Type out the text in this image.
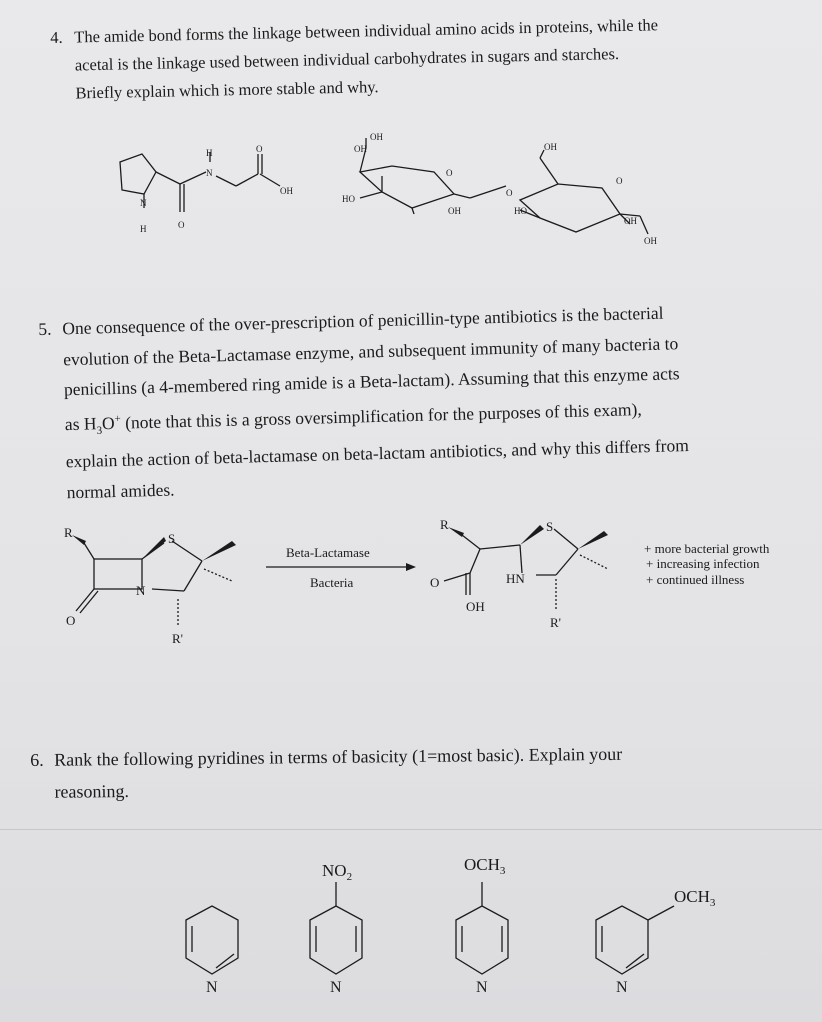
4. The amide bond forms the linkage between individual amino acids in proteins, while the
acetal is the linkage used between individual carbohydrates in sugars and starches.
Briefly explain which is more stable and why.
H	O
N
OH
N
H	O
OH
OH
HO
O
OH
O
OH
HO
O
OH
OH
5. One consequence of the over-prescription of penicillin-type antibiotics is the bacterial
evolution of the Beta-Lactamase enzyme, and subsequent immunity of many bacteria to
penicillins (a 4-membered ring amide is a Beta-lactam). Assuming that this enzyme acts
as $H_3O^+$ (note that this is a gross oversimplification for the purposes of this exam),
explain the action of beta-lactamase on beta-lactam antibiotics, and why this differs from
normal amides.
R	S
N
O
R'
Beta-Lactamase
Bacteria
R	S
O	HN
OH
R'
+ more bacterial growth
+ increasing infection
+ continued illness
6. Rank the following pyridines in terms of basicity (1=most basic). Explain your
reasoning.
N
$NO_2$
N
$OCH_3$
N
$OCH_3$
N
